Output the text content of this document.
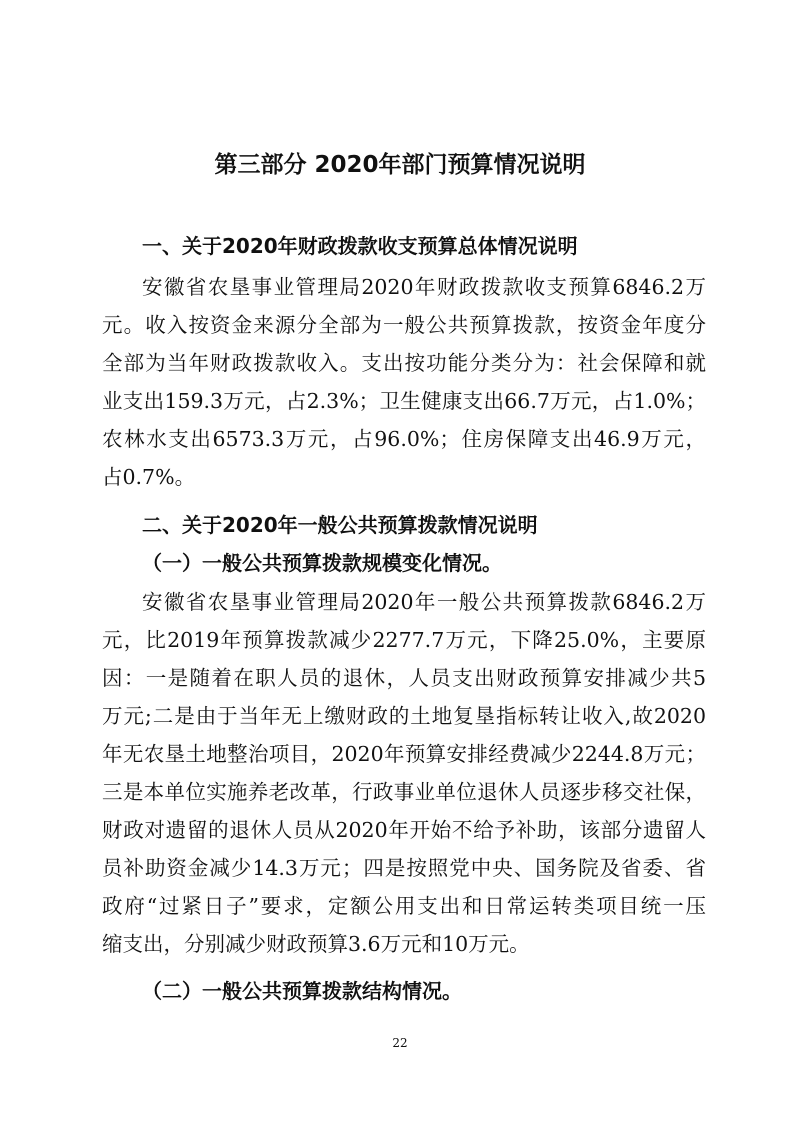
第三部分 2020年部门预算情况说明
一、关于2020年财政拨款收支预算总体情况说明
安徽省农垦事业管理局2020年财政拨款收支预算6846.2万
元。收入按资金来源分全部为一般公共预算拨款，按资金年度分
全部为当年财政拨款收入。支出按功能分类分为：社会保障和就
业支出159.3万元，占2.3%；卫生健康支出66.7万元，占1.0%；
农林水支出6573.3万元，占96.0%；住房保障支出46.9万元，
占0.7%。
二、关于2020年一般公共预算拨款情况说明
（一）一般公共预算拨款规模变化情况。
安徽省农垦事业管理局2020年一般公共预算拨款6846.2万
元，比2019年预算拨款减少2277.7万元，下降25.0%，主要原
因：一是随着在职人员的退休，人员支出财政预算安排减少共5
万元;二是由于当年无上缴财政的土地复垦指标转让收入,故2020
年无农垦土地整治项目，2020年预算安排经费减少2244.8万元；
三是本单位实施养老改革，行政事业单位退休人员逐步移交社保，
财政对遗留的退休人员从2020年开始不给予补助，该部分遗留人
员补助资金减少14.3万元；四是按照党中央、国务院及省委、省
政府“过紧日子”要求，定额公用支出和日常运转类项目统一压
缩支出，分别减少财政预算3.6万元和10万元。
（二）一般公共预算拨款结构情况。
22
